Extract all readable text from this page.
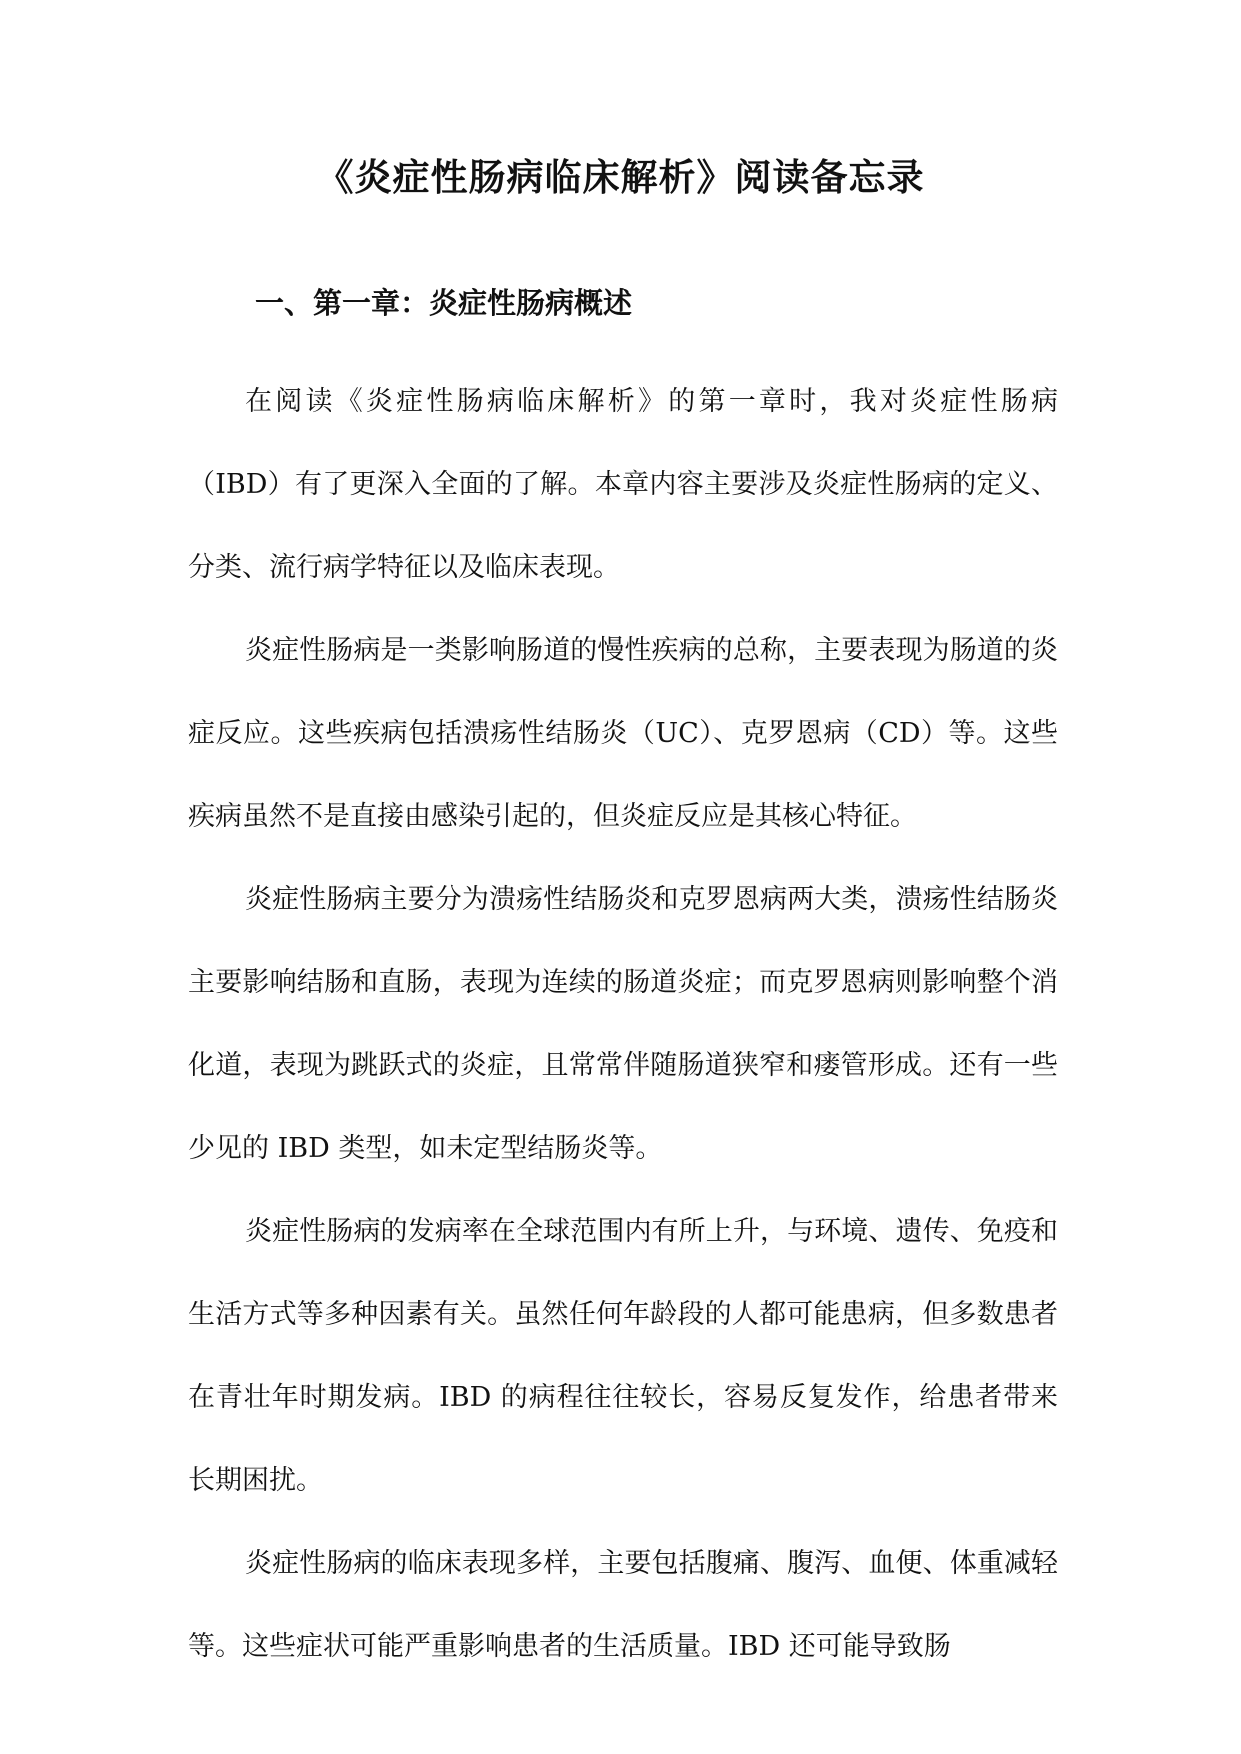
《炎症性肠病临床解析》阅读备忘录
一、第一章：炎症性肠病概述

在阅读《炎症性肠病临床解析》的第一章时，我对炎症性肠病（IBD）有了更深入全面的了解。本章内容主要涉及炎症性肠病的定义、分类、流行病学特征以及临床表现。

炎症性肠病是一类影响肠道的慢性疾病的总称，主要表现为肠道的炎症反应。这些疾病包括溃疡性结肠炎（UC）、克罗恩病（CD）等。这些疾病虽然不是直接由感染引起的，但炎症反应是其核心特征。

炎症性肠病主要分为溃疡性结肠炎和克罗恩病两大类，溃疡性结肠炎主要影响结肠和直肠，表现为连续的肠道炎症；而克罗恩病则影响整个消化道，表现为跳跃式的炎症，且常常伴随肠道狭窄和瘘管形成。还有一些少见的 IBD 类型，如未定型结肠炎等。

炎症性肠病的发病率在全球范围内有所上升，与环境、遗传、免疫和生活方式等多种因素有关。虽然任何年龄段的人都可能患病，但多数患者在青壮年时期发病。IBD 的病程往往较长，容易反复发作，给患者带来长期困扰。

炎症性肠病的临床表现多样，主要包括腹痛、腹泻、血便、体重减轻等。这些症状可能严重影响患者的生活质量。IBD 还可能导致肠
